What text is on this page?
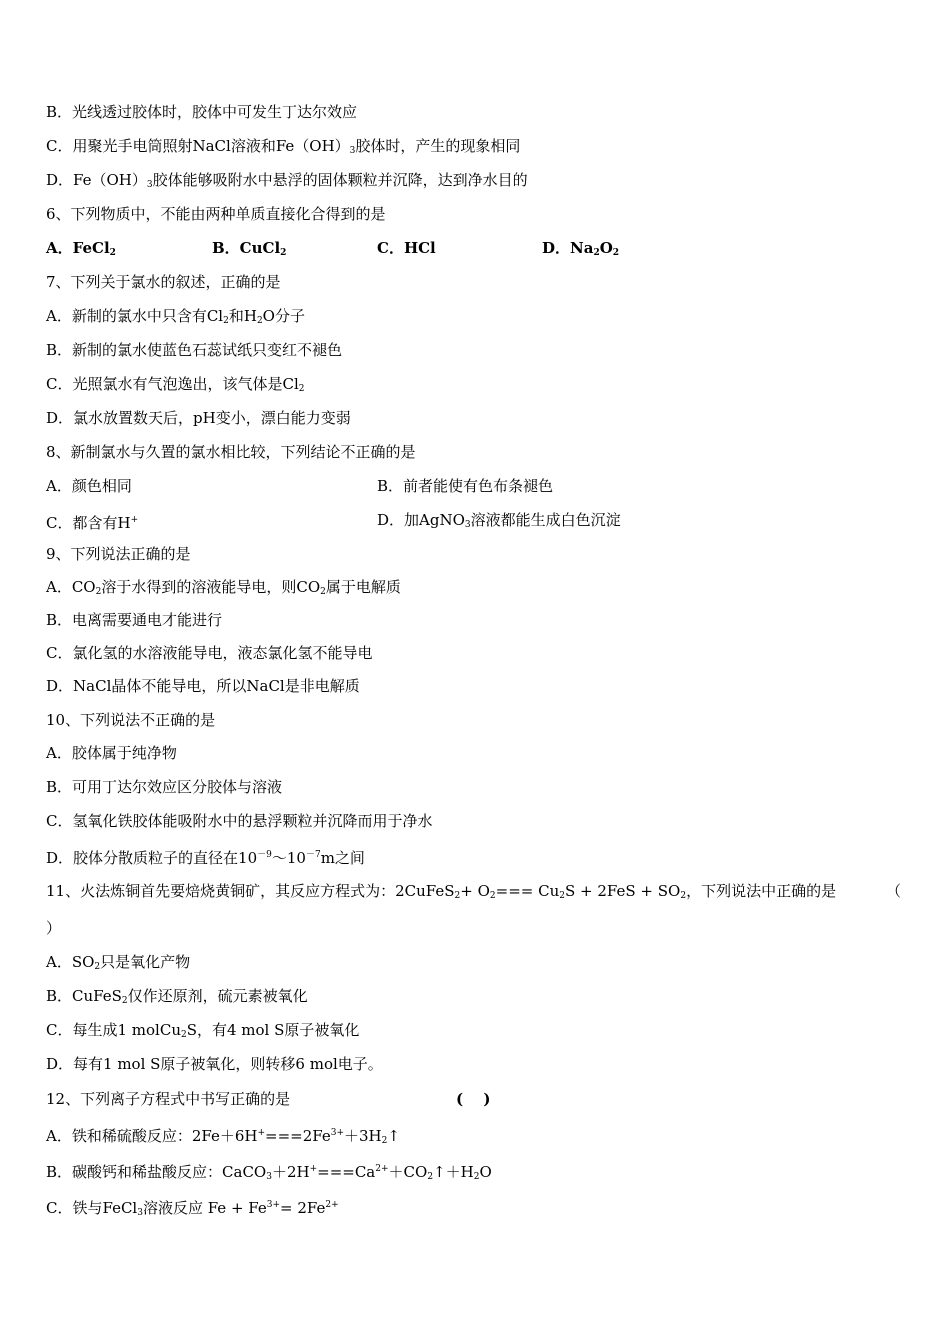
B．光线透过胶体时，胶体中可发生丁达尔效应
C．用聚光手电筒照射NaCl溶液和$Fe(OH)_3$胶体时，产生的现象相同
D．$Fe(OH)_3$胶体能够吸附水中悬浮的固体颗粒并沉降，达到净水目的
6、下列物质中，不能由两种单质直接化合得到的是
A．FeCl$_2$	B．CuCl$_2$	C．HCl	D．$Na_2O_2$
7、下列关于氯水的叙述，正确的是
A．新制的氯水中只含有$Cl_2$和$H_2O$分子
B．新制的氯水使蓝色石蕊试纸只变红不褪色
C．光照氯水有气泡逸出，该气体是$Cl_2$
D．氯水放置数天后，pH变小，漂白能力变弱
8、新制氯水与久置的氯水相比较，下列结论不正确的是
A．颜色相同	B．前者能使有色布条褪色
C．都含有H+	D．加AgNO$_3$溶液都能生成白色沉淀
9、下列说法正确的是
A．$CO_2$溶于水得到的溶液能导电，则$CO_2$属于电解质
B．电离需要通电才能进行
C．氯化氢的水溶液能导电，液态氯化氢不能导电
D．NaCl晶体不能导电，所以NaCl是非电解质
10、下列说法不正确的是
A．胶体属于纯净物
B．可用丁达尔效应区分胶体与溶液
C．氢氧化铁胶体能吸附水中的悬浮颗粒并沉降而用于净水
D．胶体分散质粒子的直径在$10^{-9}\sim 10^{-7}m$之间
11、火法炼铜首先要焙烧黄铜矿，其反应方程式为：2CuFeS$_2$+ $O_2=== Cu_2S + 2FeS + SO_2$，下列说法中正确的是	（
）
A．$SO_2$只是氧化产物
B．CuFeS$_2$仅作还原剂，硫元素被氧化
C．每生成1 molCu$_2$S，有4 mol S原子被氧化
D．每有1 mol S原子被氧化，则转移6 mol电子。
12、下列离子方程式中书写正确的是	(　 )
A．铁和稀硫酸反应：$2Fe+6H^+===2Fe^{3+}+3H_2↑$
B．碳酸钙和稀盐酸反应：$CaCO_3+2H^+===Ca^{2+}+CO_2↑+H_2O$
C．铁与FeCl$_3$溶液反应 $Fe + Fe^{3+}= 2Fe^{2+}$
